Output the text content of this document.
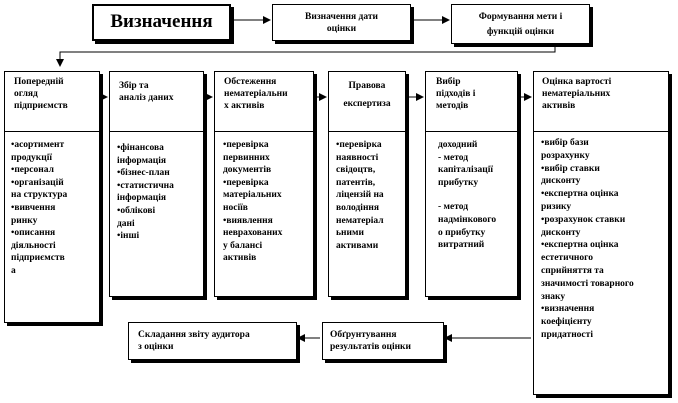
Визначення	Визначення дати
оцінки
Формування мети і
функцій оцінки
Попередній
огляд
підприємств
•асортимент
продукції
•персонал
•організацій
на структура
•вивчення
ринку
•описання
діяльності
підприємств
а
Збір та
аналіз даних
•фінансова
інформація
•бізнес-план
•статистична
інформація
•облікові
дані
•інші
Обстеження
нематеріальни
х активів
•перевірка
первинних
документів
•перевірка
матеріальних
носіїв
•виявлення
неврахованих
у балансі
активів
Правова
експертиза
•перевірка
наявності
свідоцтв,
патентів,
ліцензій на
володіння
нематеріал
ьними
активами
Вибір
підходів і
методів
доходний
- метод
капіталізації
прибутку
- метод
надмінкового
о прибутку
витратний
Оцінка вартості
нематеріальних
активів
•вибір бази
розрахунку
•вибір ставки
дисконту
•експертна оцінка
ризику
•розрахунок ставки
дисконту
•експертна оцінка
естетичного
сприйняття та
значимості товарного
знаку
•визначення
коефіцієнту
придатності
Обґрунтування
результатів оцінки
Складання звіту аудитора
з оцінки
